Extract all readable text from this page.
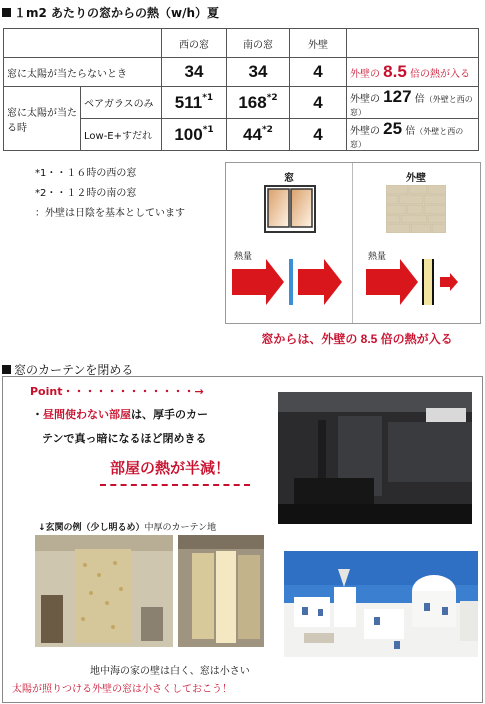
１m2 あたりの窓からの熱（w/h）夏
		西の窓	南の窓	外壁	
窓に太陽が当たらないとき		34	34	4	外壁の 8.5 倍の熱が入る
窓に太陽が当たる時	ペアガラスのみ	511*1	168*2	4	外壁の 127 倍（外壁と西の窓）
	Low-E+すだれ	100*1	44*2	4	外壁の 25 倍（外壁と西の窓）
*1・・１６時の西の窓
*2・・１２時の南の窓
：外壁は日陰を基本としています
窓	外壁
熱量	熱量
窓からは、外壁の 8.5 倍の熱が入る
窓のカーテンを閉める
Point・・・・・・・・・・・・→
・昼間使わない部屋は、厚手のカー
テンで真っ暗になるほど閉めきる
部屋の熱が半減！
↓玄関の例（少し明るめ）中厚のカーテン地
地中海の家の壁は白く、窓は小さい
太陽が照りつける外壁の窓は小さくしておこう！
